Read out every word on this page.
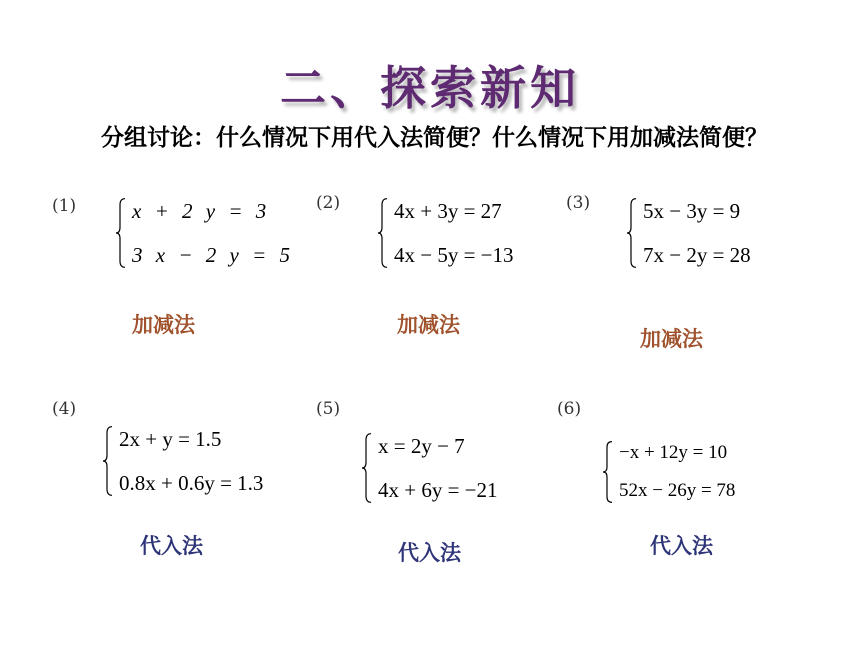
二、探索新知
分组讨论：什么情况下用代入法简便？什么情况下用加减法简便？
(1)	x + 2 y = 3
3 x − 2 y = 5
加减法
(2)	4x + 3y = 27
4x − 5y = −13
加减法
(3)	5x − 3y = 9
7x − 2y = 28
加减法
(4)
2x + y = 1.5
0.8x + 0.6y = 1.3
代入法
(5)
x = 2y − 7
4x + 6y = −21
代入法
(6)
−x + 12y = 10
52x − 26y = 78
代入法
